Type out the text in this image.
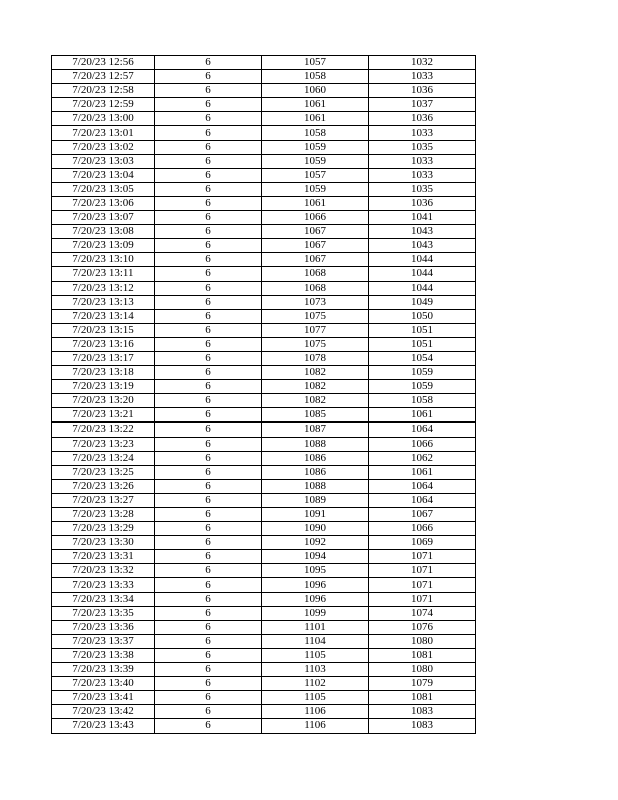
7/20/23 12:56	6	1057	1032
7/20/23 12:57	6	1058	1033
7/20/23 12:58	6	1060	1036
7/20/23 12:59	6	1061	1037
7/20/23 13:00	6	1061	1036
7/20/23 13:01	6	1058	1033
7/20/23 13:02	6	1059	1035
7/20/23 13:03	6	1059	1033
7/20/23 13:04	6	1057	1033
7/20/23 13:05	6	1059	1035
7/20/23 13:06	6	1061	1036
7/20/23 13:07	6	1066	1041
7/20/23 13:08	6	1067	1043
7/20/23 13:09	6	1067	1043
7/20/23 13:10	6	1067	1044
7/20/23 13:11	6	1068	1044
7/20/23 13:12	6	1068	1044
7/20/23 13:13	6	1073	1049
7/20/23 13:14	6	1075	1050
7/20/23 13:15	6	1077	1051
7/20/23 13:16	6	1075	1051
7/20/23 13:17	6	1078	1054
7/20/23 13:18	6	1082	1059
7/20/23 13:19	6	1082	1059
7/20/23 13:20	6	1082	1058
7/20/23 13:21	6	1085	1061
7/20/23 13:22	6	1087	1064
7/20/23 13:23	6	1088	1066
7/20/23 13:24	6	1086	1062
7/20/23 13:25	6	1086	1061
7/20/23 13:26	6	1088	1064
7/20/23 13:27	6	1089	1064
7/20/23 13:28	6	1091	1067
7/20/23 13:29	6	1090	1066
7/20/23 13:30	6	1092	1069
7/20/23 13:31	6	1094	1071
7/20/23 13:32	6	1095	1071
7/20/23 13:33	6	1096	1071
7/20/23 13:34	6	1096	1071
7/20/23 13:35	6	1099	1074
7/20/23 13:36	6	1101	1076
7/20/23 13:37	6	1104	1080
7/20/23 13:38	6	1105	1081
7/20/23 13:39	6	1103	1080
7/20/23 13:40	6	1102	1079
7/20/23 13:41	6	1105	1081
7/20/23 13:42	6	1106	1083
7/20/23 13:43	6	1106	1083
